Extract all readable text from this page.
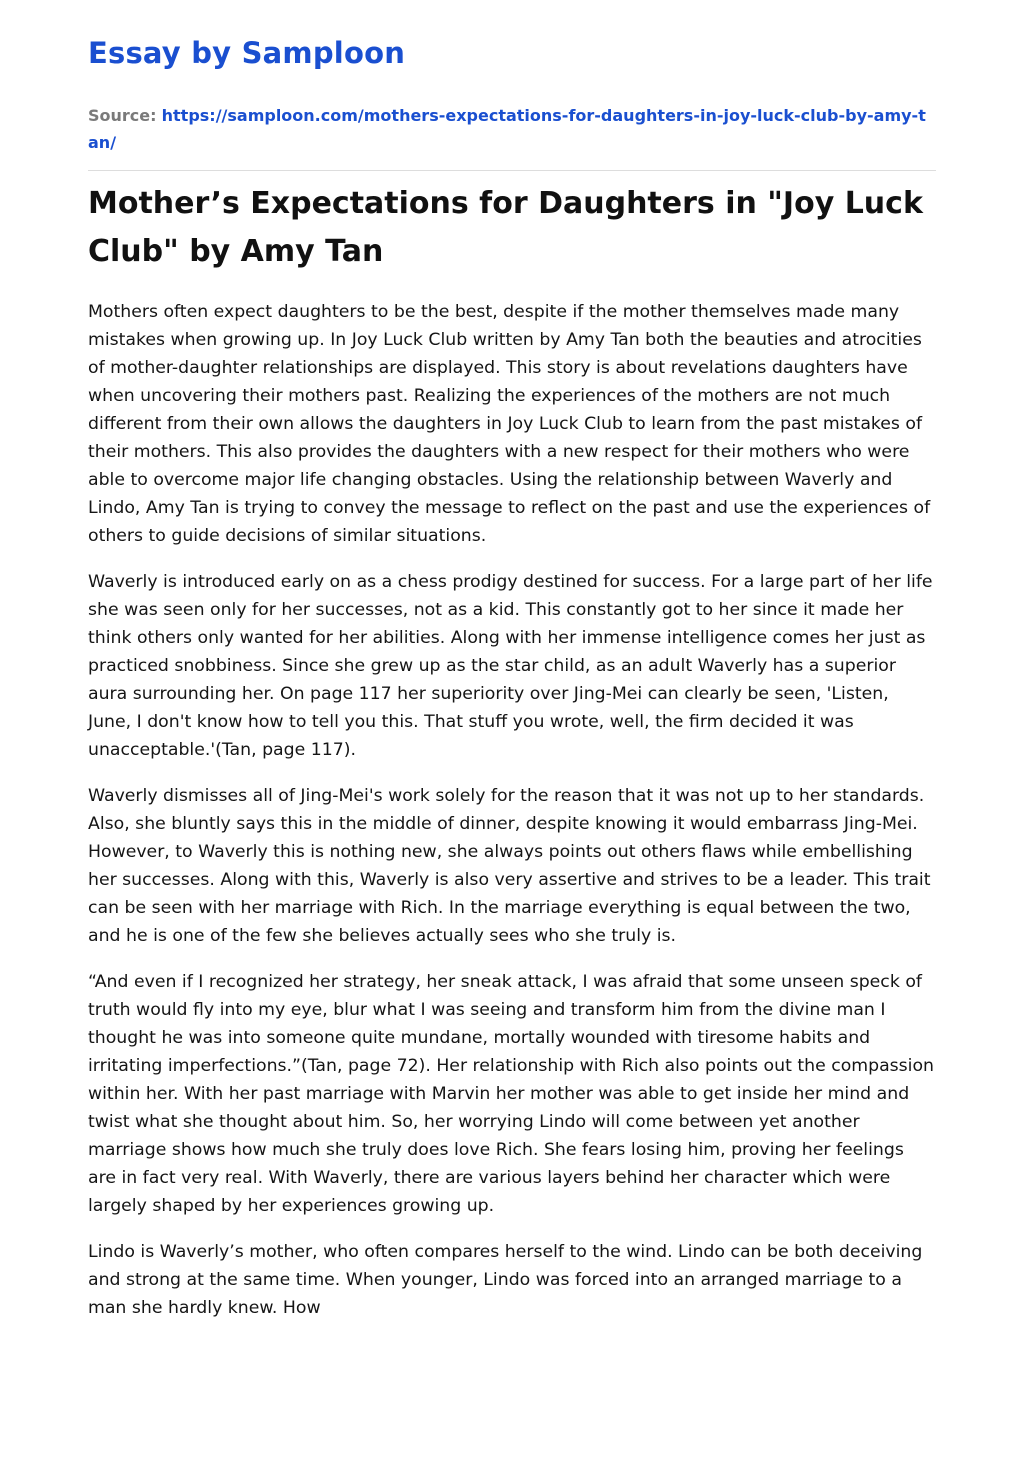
Essay by Samploon
Source: https://samploon.com/mothers-expectations-for-daughters-in-joy-luck-club-by-amy-tan/
Mother’s Expectations for Daughters in "Joy Luck Club" by Amy Tan

Mothers often expect daughters to be the best, despite if the mother themselves made many mistakes when growing up. In Joy Luck Club written by Amy Tan both the beauties and atrocities of mother-daughter relationships are displayed. This story is about revelations daughters have when uncovering their mothers past. Realizing the experiences of the mothers are not much different from their own allows the daughters in Joy Luck Club to learn from the past mistakes of their mothers. This also provides the daughters with a new respect for their mothers who were able to overcome major life changing obstacles. Using the relationship between Waverly and Lindo, Amy Tan is trying to convey the message to reflect on the past and use the experiences of others to guide decisions of similar situations.

Waverly is introduced early on as a chess prodigy destined for success. For a large part of her life she was seen only for her successes, not as a kid. This constantly got to her since it made her think others only wanted for her abilities. Along with her immense intelligence comes her just as practiced snobbiness. Since she grew up as the star child, as an adult Waverly has a superior aura surrounding her. On page 117 her superiority over Jing-Mei can clearly be seen, 'Listen, June, I don't know how to tell you this. That stuff you wrote, well, the firm decided it was unacceptable.'(Tan, page 117).

Waverly dismisses all of Jing-Mei's work solely for the reason that it was not up to her standards. Also, she bluntly says this in the middle of dinner, despite knowing it would embarrass Jing-Mei. However, to Waverly this is nothing new, she always points out others flaws while embellishing her successes. Along with this, Waverly is also very assertive and strives to be a leader. This trait can be seen with her marriage with Rich. In the marriage everything is equal between the two, and he is one of the few she believes actually sees who she truly is.

“And even if I recognized her strategy, her sneak attack, I was afraid that some unseen speck of truth would fly into my eye, blur what I was seeing and transform him from the divine man I thought he was into someone quite mundane, mortally wounded with tiresome habits and irritating imperfections.”(Tan, page 72). Her relationship with Rich also points out the compassion within her. With her past marriage with Marvin her mother was able to get inside her mind and twist what she thought about him. So, her worrying Lindo will come between yet another marriage shows how much she truly does love Rich. She fears losing him, proving her feelings are in fact very real. With Waverly, there are various layers behind her character which were largely shaped by her experiences growing up.

Lindo is Waverly’s mother, who often compares herself to the wind. Lindo can be both deceiving and strong at the same time. When younger, Lindo was forced into an arranged marriage to a man she hardly knew. How
